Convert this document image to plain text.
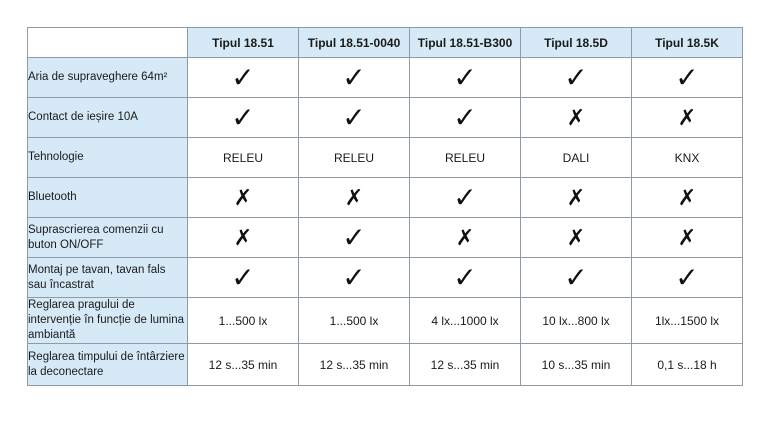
	Tipul 18.51	Tipul 18.51-0040	Tipul 18.51-B300	Tipul 18.5D	Tipul 18.5K
Aria de supraveghere 64m²	✓	✓	✓	✓	✓
Contact de ieșire 10A	✓	✓	✓	✗	✗
Tehnologie	RELEU	RELEU	RELEU	DALI	KNX
Bluetooth	✗	✗	✓	✗	✗
Suprascrierea comenzii cu buton ON/OFF	✗	✓	✗	✗	✗
Montaj pe tavan, tavan fals sau încastrat	✓	✓	✓	✓	✓
Reglarea pragului de intervenție în funcție de lumina ambiantă	1...500 lx	1...500 lx	4 lx...1000 lx	10 lx...800 lx	1lx...1500 lx
Reglarea timpului de întârziere la deconectare	12 s...35 min	12 s...35 min	12 s...35 min	10 s...35 min	0,1 s...18 h
